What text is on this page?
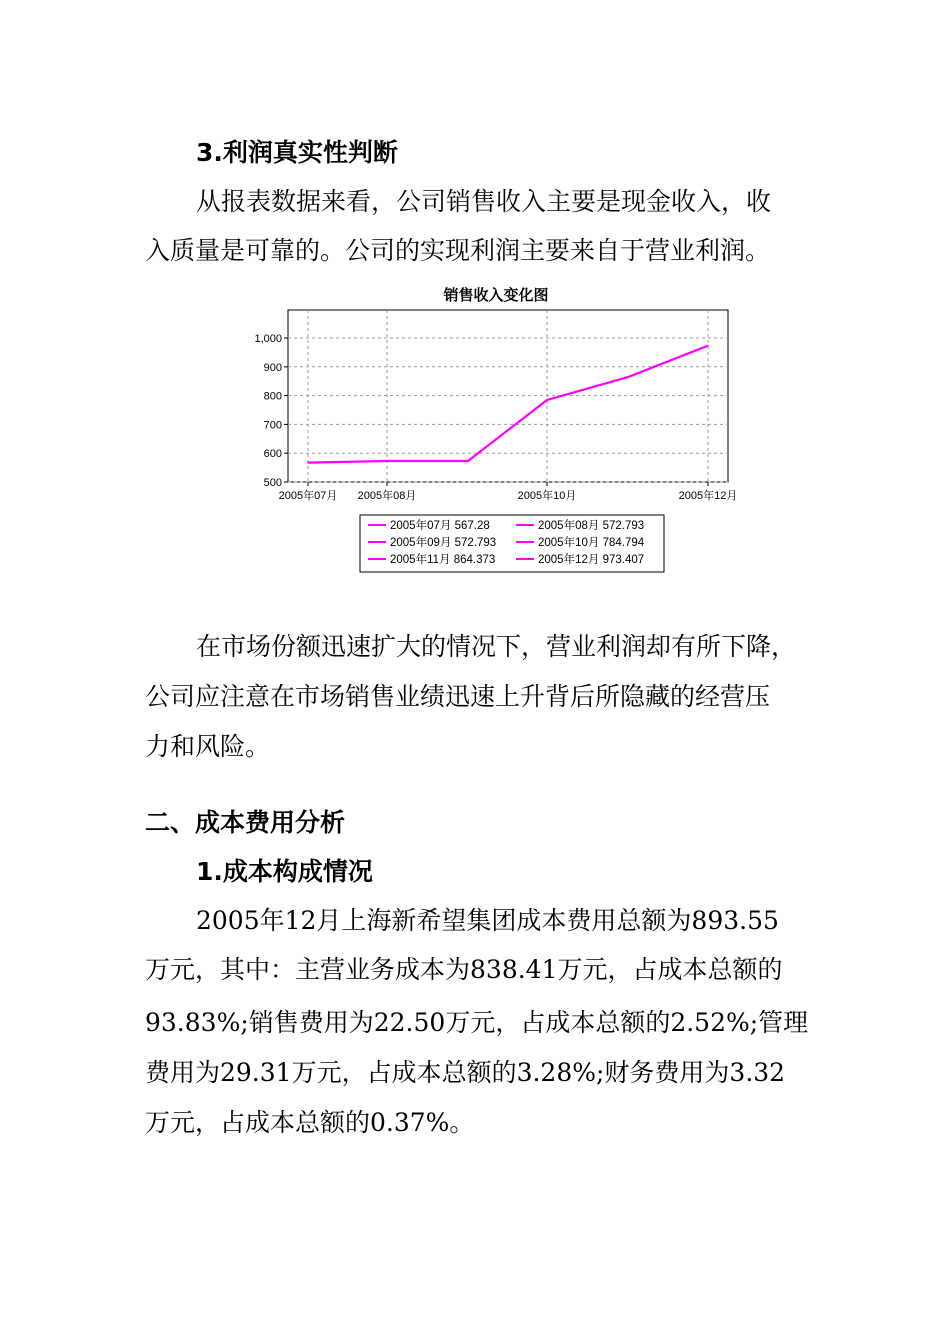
3.利润真实性判断
从报表数据来看，公司销售收入主要是现金收入，收
入质量是可靠的。公司的实现利润主要来自于营业利润。
销售收入变化图
500
600
700
800
900
1,000
2005年07月 2005年08月	2005年10月	2005年12月
2005年07月 567.28	2005年08月 572.793
2005年09月 572.793	2005年10月 784.794
2005年11月 864.373	2005年12月 973.407
在市场份额迅速扩大的情况下，营业利润却有所下降，
公司应注意在市场销售业绩迅速上升背后所隐藏的经营压
力和风险。
二、成本费用分析
1.成本构成情况
2005年12月上海新希望集团成本费用总额为893.55
万元，其中：主营业务成本为838.41万元，占成本总额的
93.83%;销售费用为22.50万元，占成本总额的2.52%;管理
费用为29.31万元，占成本总额的3.28%;财务费用为3.32
万元，占成本总额的0.37%。
